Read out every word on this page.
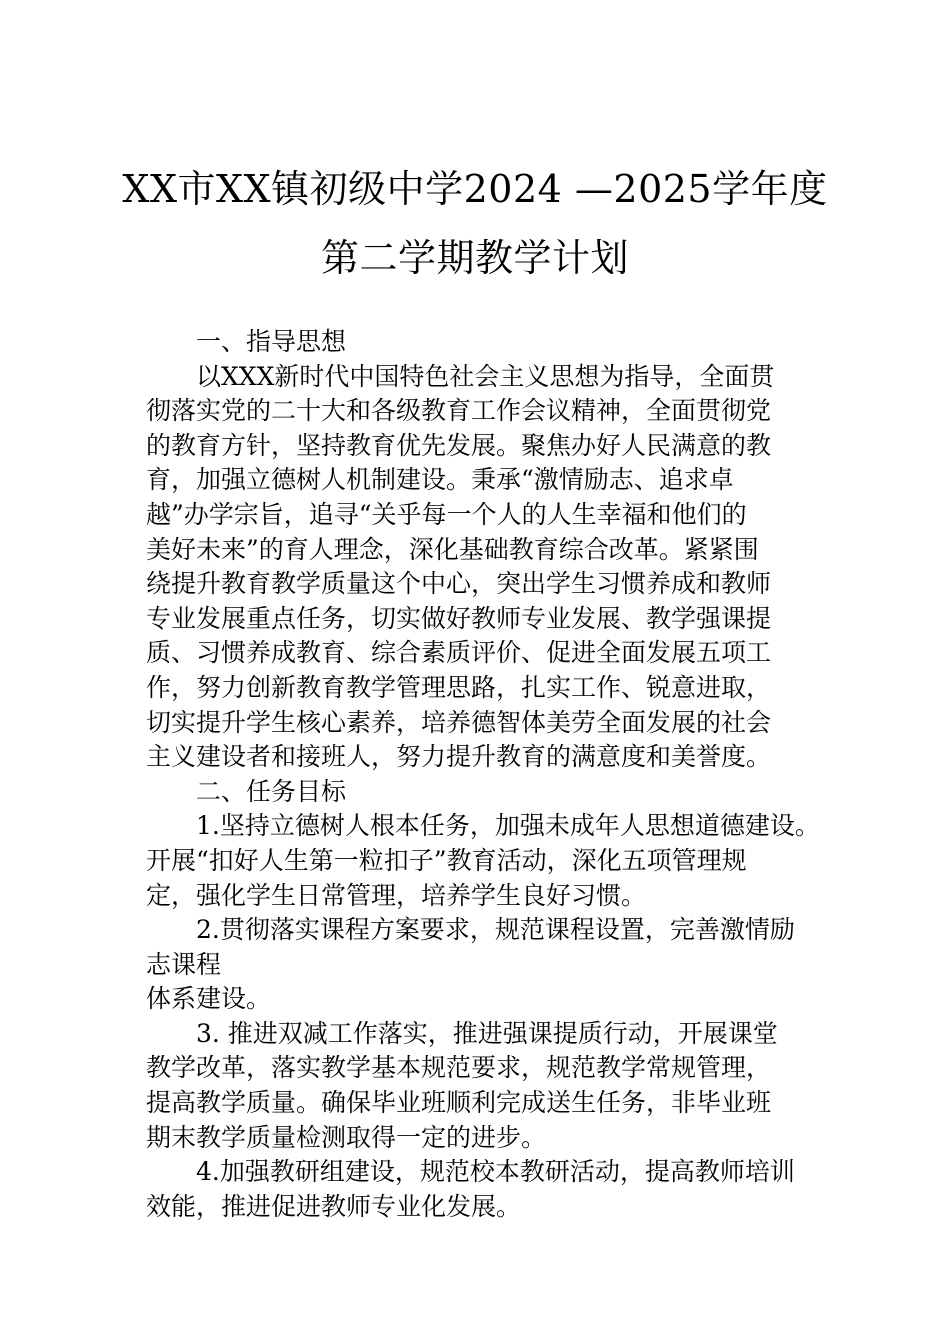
XX市XX镇初级中学2024 —2025学年度
第二学期教学计划
一、指导思想
以XXX新时代中国特色社会主义思想为指导，全面贯
彻落实党的二十大和各级教育工作会议精神，全面贯彻党
的教育方针，坚持教育优先发展。聚焦办好人民满意的教
育，加强立德树人机制建设。秉承“激情励志、追求卓
越”办学宗旨，追寻“关乎每一个人的人生幸福和他们的
美好未来”的育人理念，深化基础教育综合改革。紧紧围
绕提升教育教学质量这个中心，突出学生习惯养成和教师
专业发展重点任务，切实做好教师专业发展、教学强课提
质、习惯养成教育、综合素质评价、促进全面发展五项工
作，努力创新教育教学管理思路，扎实工作、锐意进取，
切实提升学生核心素养，培养德智体美劳全面发展的社会
主义建设者和接班人，努力提升教育的满意度和美誉度。
二、任务目标
1.坚持立德树人根本任务，加强未成年人思想道德建设。
开展“扣好人生第一粒扣子”教育活动，深化五项管理规
定，强化学生日常管理，培养学生良好习惯。
2.贯彻落实课程方案要求，规范课程设置，完善激情励
志课程
体系建设。
3. 推进双减工作落实，推进强课提质行动，开展课堂
教学改革，落实教学基本规范要求，规范教学常规管理，
提高教学质量。确保毕业班顺利完成送生任务，非毕业班
期末教学质量检测取得一定的进步。
4.加强教研组建设，规范校本教研活动，提高教师培训
效能，推进促进教师专业化发展。
